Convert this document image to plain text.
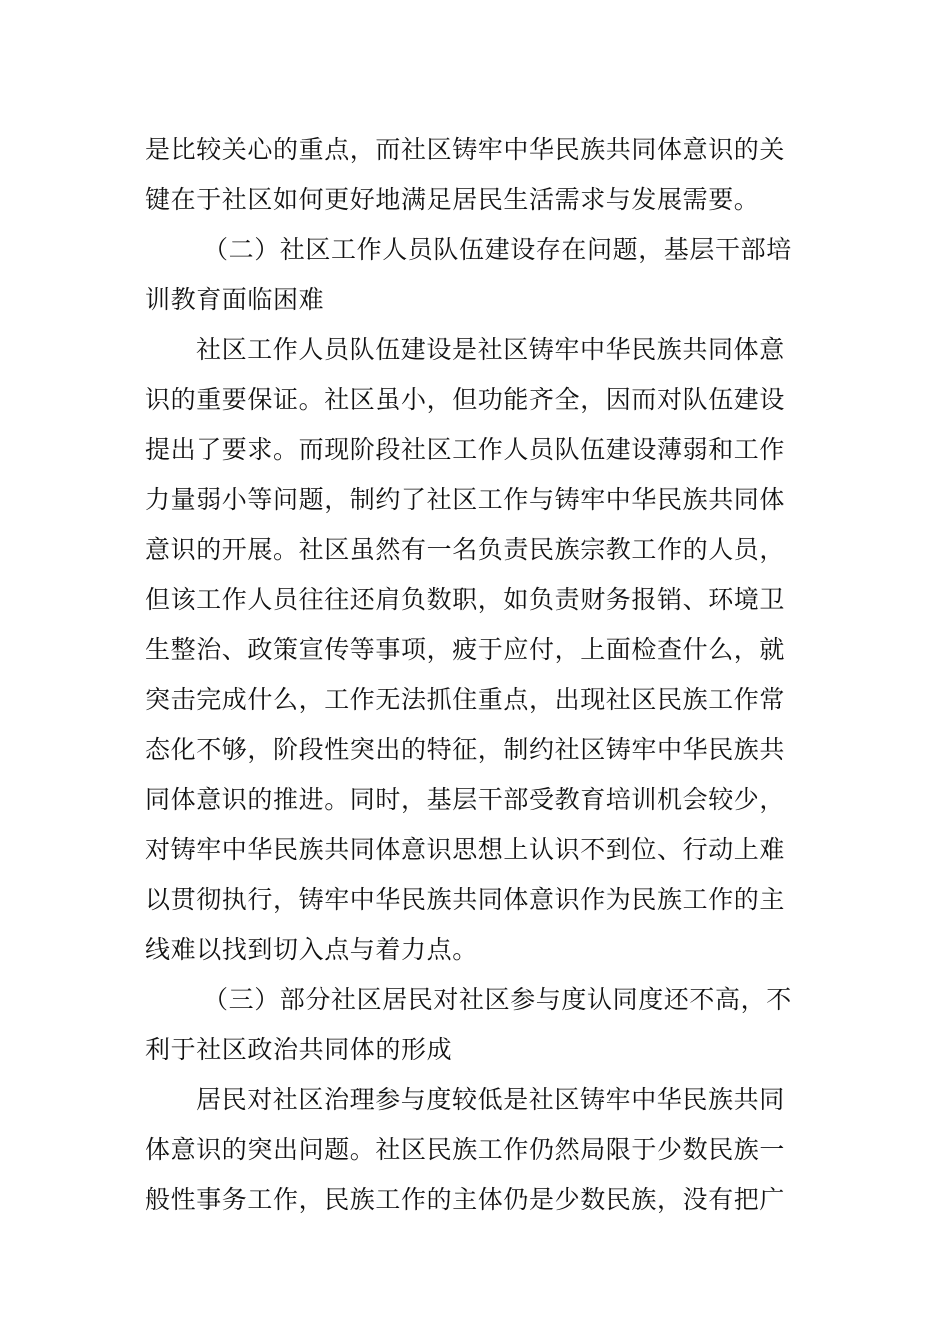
是比较关心的重点，而社区铸牢中华民族共同体意识的关
键在于社区如何更好地满足居民生活需求与发展需要。
（二）社区工作人员队伍建设存在问题，基层干部培
训教育面临困难
社区工作人员队伍建设是社区铸牢中华民族共同体意
识的重要保证。社区虽小，但功能齐全，因而对队伍建设
提出了要求。而现阶段社区工作人员队伍建设薄弱和工作
力量弱小等问题，制约了社区工作与铸牢中华民族共同体
意识的开展。社区虽然有一名负责民族宗教工作的人员，
但该工作人员往往还肩负数职，如负责财务报销、环境卫
生整治、政策宣传等事项，疲于应付，上面检查什么，就
突击完成什么，工作无法抓住重点，出现社区民族工作常
态化不够，阶段性突出的特征，制约社区铸牢中华民族共
同体意识的推进。同时，基层干部受教育培训机会较少，
对铸牢中华民族共同体意识思想上认识不到位、行动上难
以贯彻执行，铸牢中华民族共同体意识作为民族工作的主
线难以找到切入点与着力点。
（三）部分社区居民对社区参与度认同度还不高，不
利于社区政治共同体的形成
居民对社区治理参与度较低是社区铸牢中华民族共同
体意识的突出问题。社区民族工作仍然局限于少数民族一
般性事务工作，民族工作的主体仍是少数民族，没有把广
